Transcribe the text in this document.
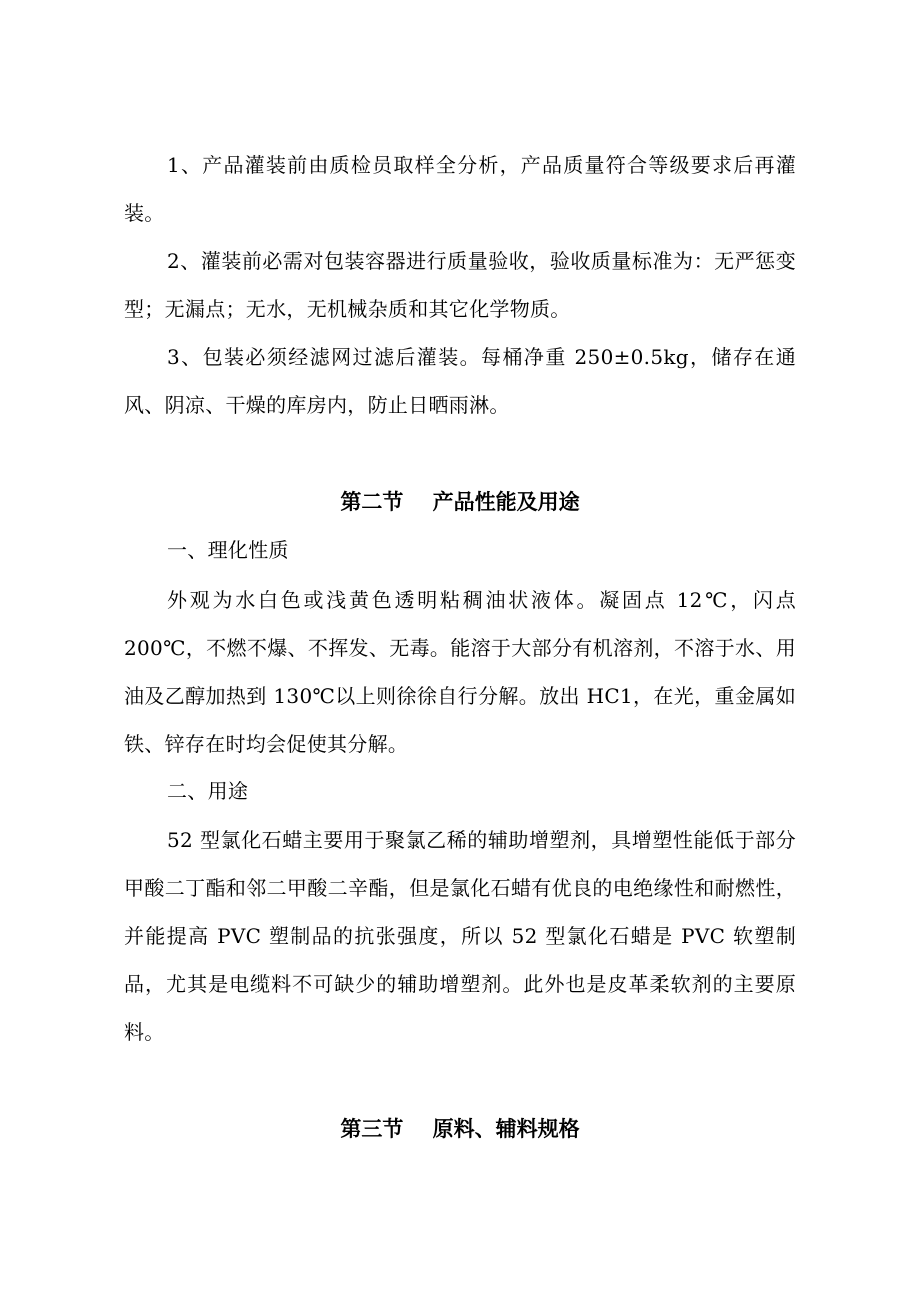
1、产品灌装前由质检员取样全分析，产品质量符合等级要求后再灌装。

2、灌装前必需对包装容器进行质量验收，验收质量标准为：无严惩变型；无漏点；无水，无机械杂质和其它化学物质。

3、包装必须经滤网过滤后灌装。每桶净重 250±0.5kg，储存在通风、阴凉、干燥的库房内，防止日晒雨淋。

第二节    产品性能及用途

一、理化性质

外观为水白色或浅黄色透明粘稠油状液体。凝固点 12℃，闪点200℃，不燃不爆、不挥发、无毒。能溶于大部分有机溶剂，不溶于水、用油及乙醇加热到 130℃以上则徐徐自行分解。放出 HC1，在光，重金属如铁、锌存在时均会促使其分解。

二、用途

52 型氯化石蜡主要用于聚氯乙稀的辅助增塑剂，具增塑性能低于部分甲酸二丁酯和邻二甲酸二辛酯，但是氯化石蜡有优良的电绝缘性和耐燃性，并能提高 PVC 塑制品的抗张强度，所以 52 型氯化石蜡是 PVC 软塑制品，尤其是电缆料不可缺少的辅助增塑剂。此外也是皮革柔软剂的主要原料。

第三节    原料、辅料规格
